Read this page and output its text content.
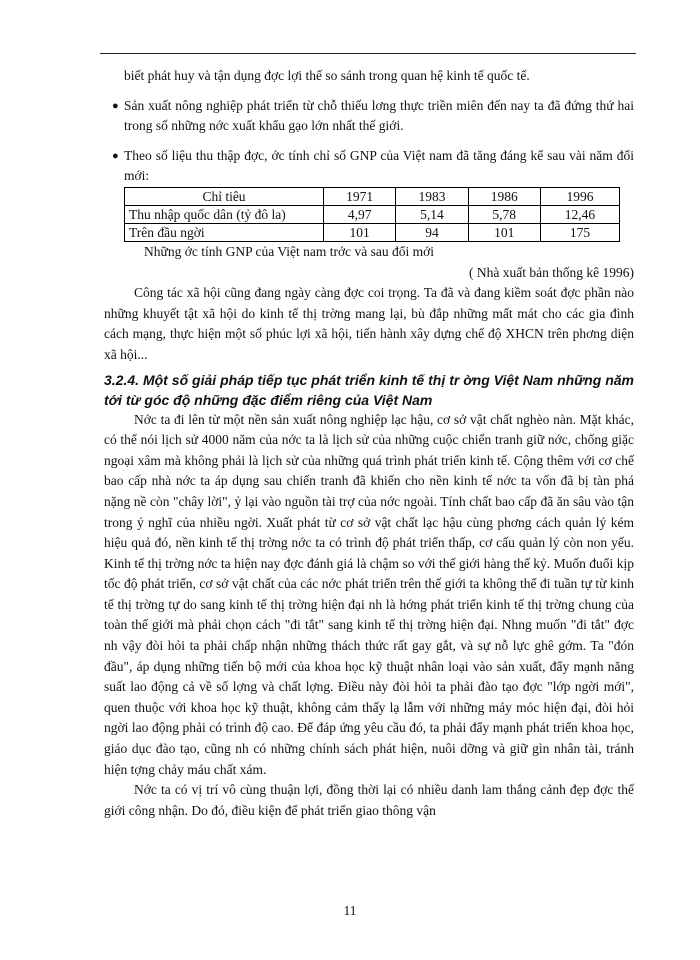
biết phát huy và tận dụng đợc lợi thế so sánh trong quan hệ kinh tế quốc tế.

● Sản xuất nông nghiệp phát triển từ chỗ thiếu lơng thực triền miên đến nay ta đã đứng thứ hai trong số những nớc xuất khẩu gạo lớn nhất thế giới.
● Theo số liệu thu thập đợc, ớc tính chỉ số GNP của Việt nam đã tăng đáng kể sau vài năm đổi mới:
Chỉ tiêu	1971	1983	1986	1996
Thu nhập quốc dân (tỷ đô la)	4,97	5,14	5,78	12,46
Trên đầu ngời	101	94	101	175

Những ớc tính GNP của Việt nam trớc và sau đổi mới

( Nhà xuất bản thống kê 1996)

Công tác xã hội cũng đang ngày càng đợc coi trọng. Ta đã và đang kiềm soát đợc phần nào những khuyết tật xã hội do kinh tế thị trờng mang lại, bù đắp những mất mát cho các gia đình cách mạng, thực hiện một số phúc lợi xã hội, tiến hành xây dựng chế độ XHCN trên phơng diện xã hội...

3.2.4. Một số giải pháp tiếp tục phát triển kinh tế thị tr ờng Việt Nam những năm tới từ góc độ những đặc điểm riêng của Việt Nam

Nớc ta đi lên từ một nền sản xuất nông nghiệp lạc hậu, cơ sở vật chất nghèo nàn. Mặt khác, có thể nói lịch sử 4000 năm của nớc ta là lịch sử của những cuộc chiến tranh giữ nớc, chống giặc ngoại xâm mà không phải là lịch sử của những quá trình phát triển kinh tế. Cộng thêm với cơ chế bao cấp nhà nớc ta áp dụng sau chiến tranh đã khiến cho nền kinh tế nớc ta vốn đã bị tàn phá nặng nề còn "chây lời", ỷ lại vào nguồn tài trợ của nớc ngoài. Tính chất bao cấp đã ăn sâu vào tận trong ý nghĩ của nhiều ngời. Xuất phát từ cơ sở vật chất lạc hậu cùng phơng cách quản lý kém hiệu quả đó, nền kinh tế thị trờng nớc ta có trình độ phát triển thấp, cơ cấu quản lý còn non yếu. Kinh tế thị trờng nớc ta hiện nay đợc đánh giá là chậm so với thế giới hàng thế kỷ. Muốn đuổi kịp tốc độ phát triển, cơ sở vật chất của các nớc phát triển trên thế giới ta không thể đi tuần tự từ kinh tế thị trờng tự do sang kinh tế thị trờng hiện đại nh là hớng phát triển kinh tế thị trờng chung của toàn thế giới mà phải chọn cách "đi tắt" sang kinh tế thị trờng hiện đại. Nhng muốn "đi tắt" đợc nh vậy đòi hỏi ta phải chấp nhận những thách thức rất gay gắt, và sự nỗ lực ghê gớm. Ta "đón đầu", áp dụng những tiến bộ mới của khoa học kỹ thuật nhân loại vào sản xuất, đẩy mạnh năng suất lao động cả về số lợng và chất lợng. Điều này đòi hỏi ta phải đào tạo đợc "lớp ngời mới", quen thuộc với khoa học kỹ thuật, không cảm thấy lạ lẫm với những máy móc hiện đại, đòi hỏi ngời lao động phải có trình độ cao. Để đáp ứng yêu cầu đó, ta phải đẩy mạnh phát triển khoa học, giáo dục đào tạo, cũng nh có những chính sách phát hiện, nuôi dỡng và giữ gìn nhân tài, tránh hiện tợng chảy máu chất xám.

Nớc ta có vị trí vô cùng thuận lợi, đồng thời lại có nhiều danh lam thắng cảnh đẹp đợc thế giới công nhận. Do đó, điều kiện để phát triển giao thông vận

11
